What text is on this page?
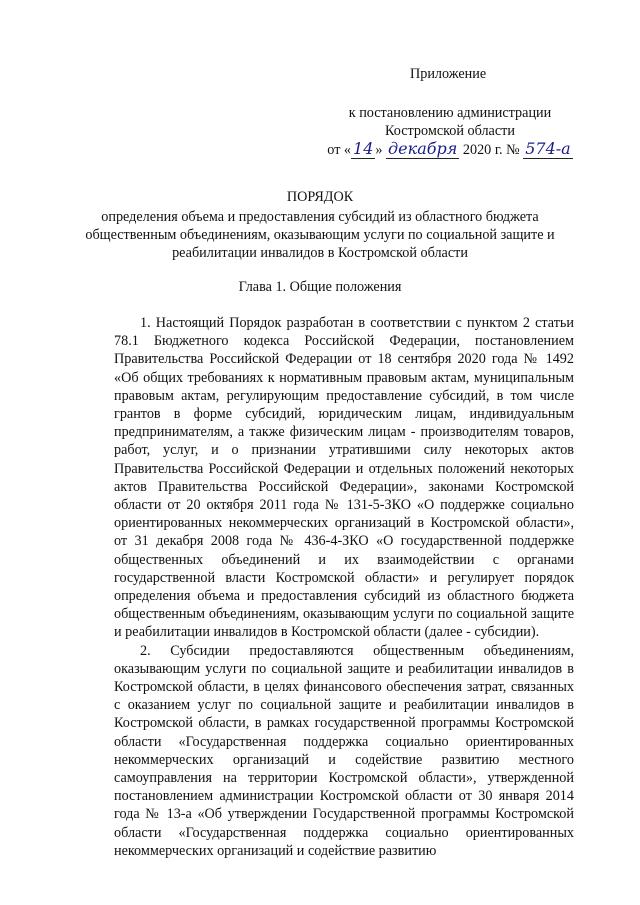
Приложение
к постановлению администрации
Костромской области
от « 14 » декабря 2020 г. № 574-а
ПОРЯДОК
определения объема и предоставления субсидий из областного бюджета общественным объединениям, оказывающим услуги по социальной защите и реабилитации инвалидов в Костромской области
Глава 1. Общие положения

1. Настоящий Порядок разработан в соответствии с пунктом 2 статьи 78.1 Бюджетного кодекса Российской Федерации, постановлением Правительства Российской Федерации от 18 сентября 2020 года № 1492 «Об общих требованиях к нормативным правовым актам, муниципальным правовым актам, регулирующим предоставление субсидий, в том числе грантов в форме субсидий, юридическим лицам, индивидуальным предпринимателям, а также физическим лицам - производителям товаров, работ, услуг, и о признании утратившими силу некоторых актов Правительства Российской Федерации и отдельных положений некоторых актов Правительства Российской Федерации», законами Костромской области от 20 октября 2011 года № 131-5-ЗКО «О поддержке социально ориентированных некоммерческих организаций в Костромской области», от 31 декабря 2008 года № 436-4-ЗКО «О государственной поддержке общественных объединений и их взаимодействии с органами государственной власти Костромской области» и регулирует порядок определения объема и предоставления субсидий из областного бюджета общественным объединениям, оказывающим услуги по социальной защите и реабилитации инвалидов в Костромской области (далее - субсидии).

2. Субсидии предоставляются общественным объединениям, оказывающим услуги по социальной защите и реабилитации инвалидов в Костромской области, в целях финансового обеспечения затрат, связанных с оказанием услуг по социальной защите и реабилитации инвалидов в Костромской области, в рамках государственной программы Костромской области «Государственная поддержка социально ориентированных некоммерческих организаций и содействие развитию местного самоуправления на территории Костромской области», утвержденной постановлением администрации Костромской области от 30 января 2014 года № 13-а «Об утверждении Государственной программы Костромской области «Государственная поддержка социально ориентированных некоммерческих организаций и содействие развитию
